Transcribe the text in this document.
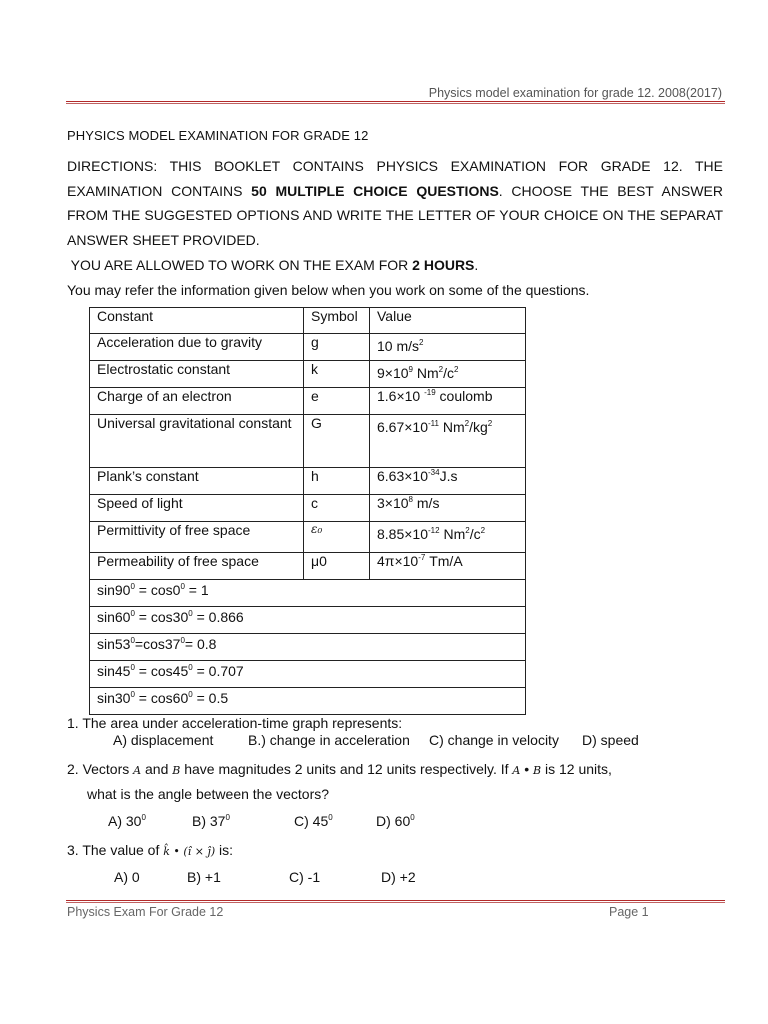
Physics model examination for grade 12. 2008(2017)
PHYSICS MODEL EXAMINATION FOR GRADE 12

DIRECTIONS: THIS BOOKLET CONTAINS PHYSICS EXAMINATION FOR GRADE 12. THE EXAMINATION CONTAINS 50 MULTIPLE CHOICE QUESTIONS. CHOOSE THE BEST ANSWER FROM THE SUGGESTED OPTIONS AND WRITE THE LETTER OF YOUR CHOICE ON THE SEPARAT ANSWER SHEET PROVIDED.

YOU ARE ALLOWED TO WORK ON THE EXAM FOR 2 HOURS.
You may refer the information given below when you work on some of the questions.
Constant	Symbol	Value
Acceleration due to gravity	g	10 $m/s^2$
Electrostatic constant	k	$9\times 10^9$ $Nm^2/c^2$
Charge of an electron	e	1.6×10 $^{-19}$ coulomb
Universal gravitational constant	G	$6.67\times 10^{-11}$ $Nm^2/kg^2$
Plank’s constant	h	$6.63\times 10^{-34}J.s$
Speed of light	c	$3\times 10^8$ m/s
Permittivity of free space	ε₀	$8.85\times 10^{-12}$ $Nm^2/c^2$
Permeability of free space	μ0	$4\pi\times 10^{-7}$ Tm/A
$\sin 90^0 = \cos 0^0 = 1$		
$\sin 60^0 = \cos 30^0 = 0.866$		
$\sin 53^0=\cos 37^0= 0.8$		
$\sin 45^0 = \cos 45^0 = 0.707$		
$\sin 30^0 = \cos 60^0 = 0.5$		
1. The area under acceleration-time graph represents:
A) displacement B.) change in acceleration C) change in velocity D) speed
2. Vectors A and B have magnitudes 2 units and 12 units respectively. If A • B is 12 units,
what is the angle between the vectors?
A) $30^0$	B) $37^0$	C) $45^0$	D) $60^0$
3. The value of k̂ • (î × ĵ) is:
A) 0	B) +1	C) -1	D) +2
Physics Exam For Grade 12	Page 1
